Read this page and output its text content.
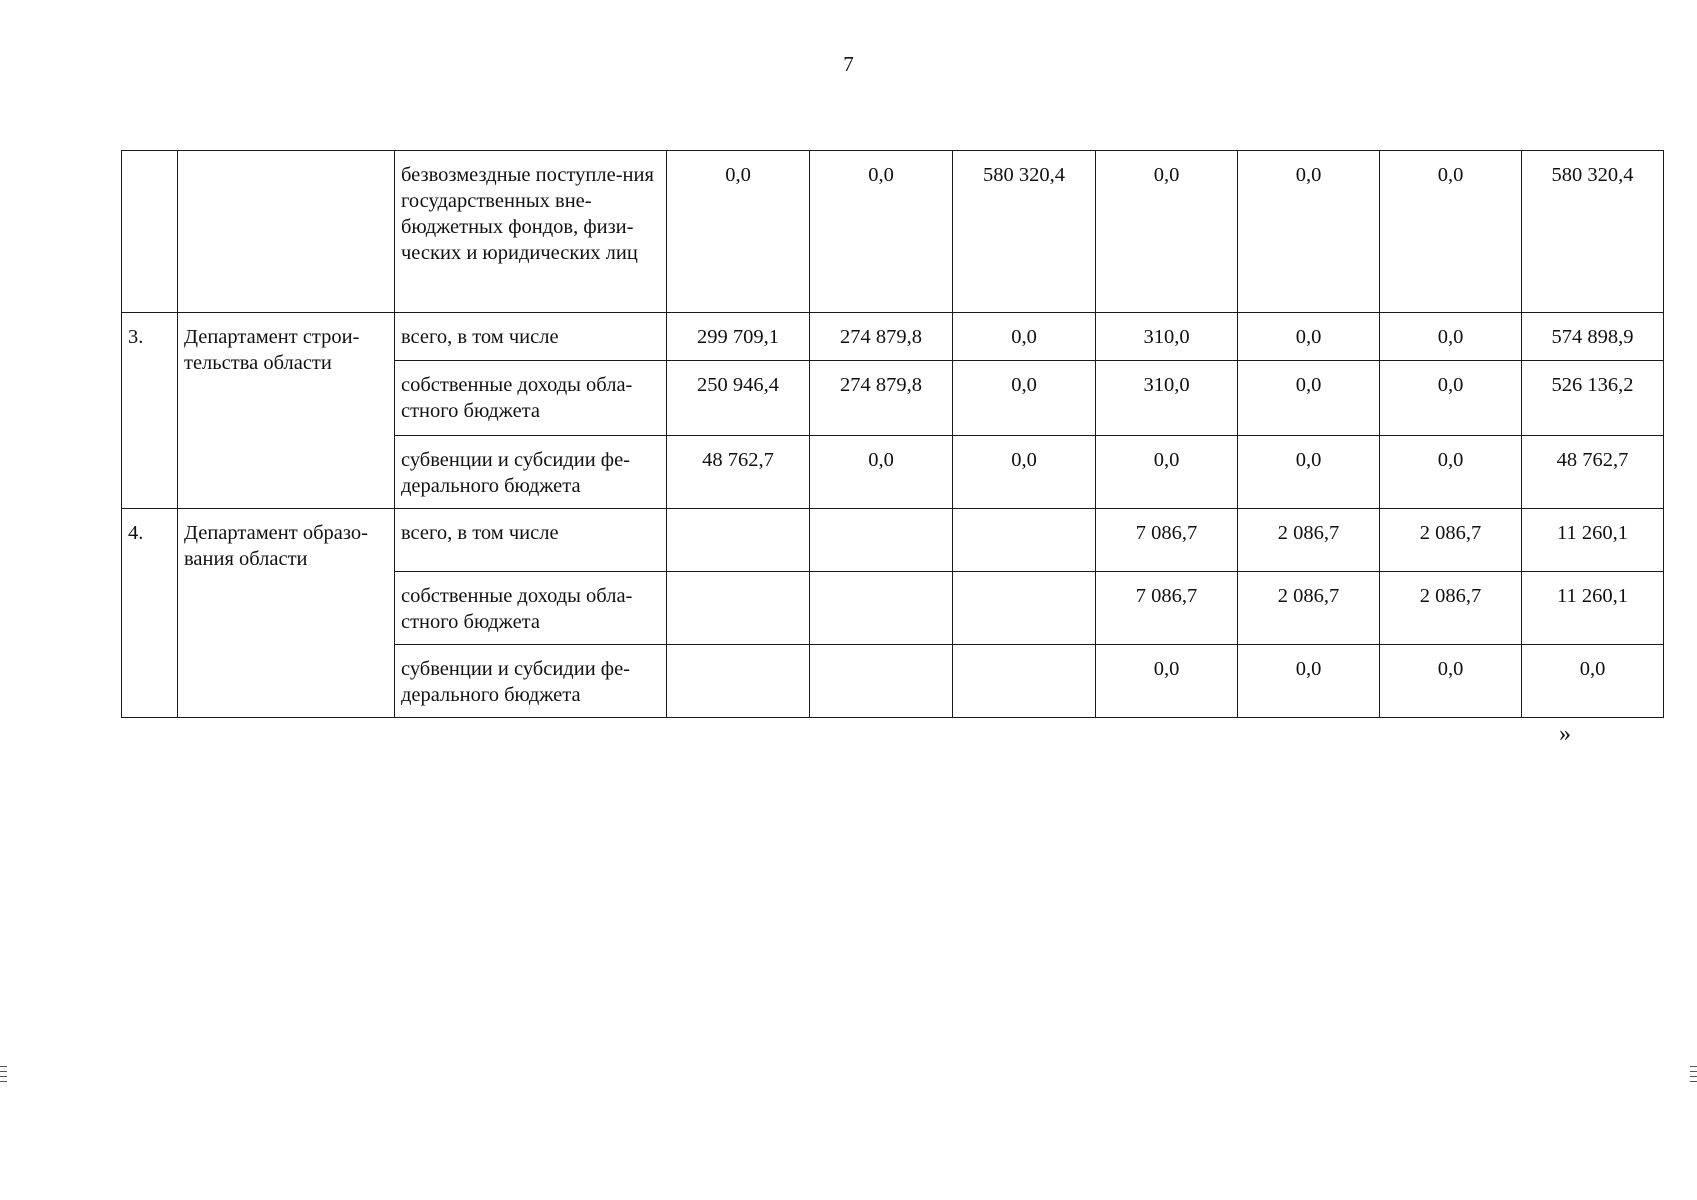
7
		безвозмездные поступле-ния государственных вне-бюджетных фондов, физи-ческих и юридических лиц	0,0	0,0	580 320,4	0,0	0,0	0,0	580 320,4
3.	Департамент строи-тельства области	всего, в том числе	299 709,1	274 879,8	0,0	310,0	0,0	0,0	574 898,9
		собственные доходы обла-стного бюджета	250 946,4	274 879,8	0,0	310,0	0,0	0,0	526 136,2
		субвенции и субсидии фе-дерального бюджета	48 762,7	0,0	0,0	0,0	0,0	0,0	48 762,7
4.	Департамент образо-вания области	всего, в том числе				7 086,7	2 086,7	2 086,7	11 260,1
		собственные доходы обла-стного бюджета				7 086,7	2 086,7	2 086,7	11 260,1
		субвенции и субсидии фе-дерального бюджета				0,0	0,0	0,0	0,0
»
